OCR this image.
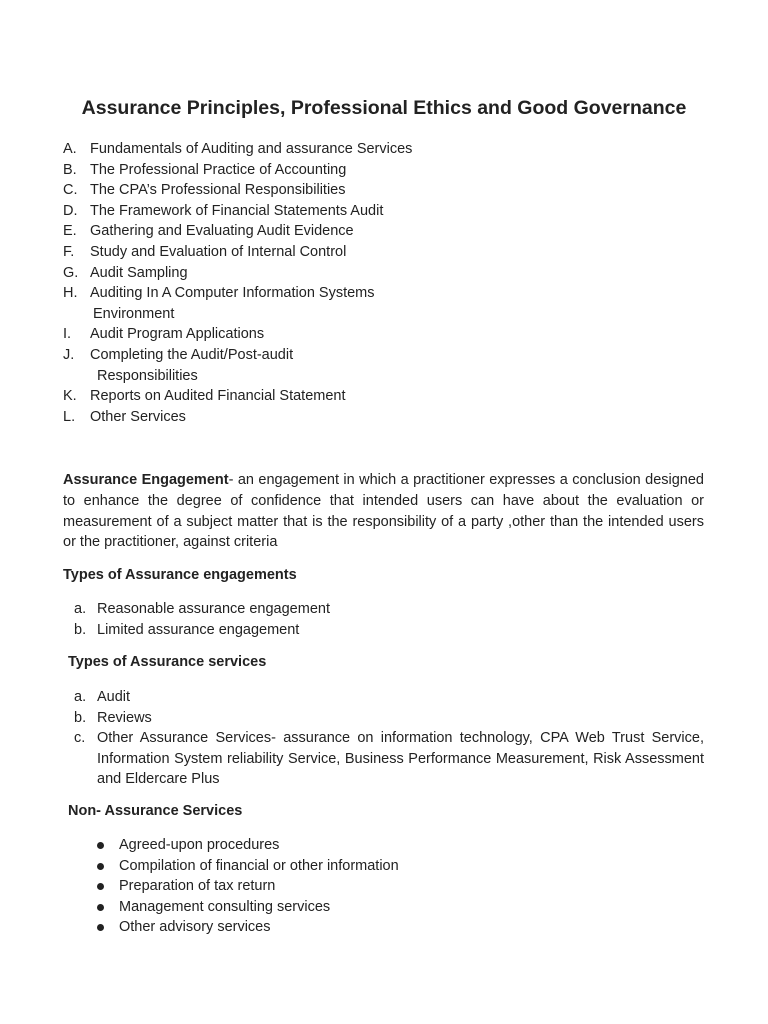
Assurance Principles, Professional Ethics and Good Governance
A. Fundamentals of Auditing and assurance Services
B. The Professional Practice of Accounting
C. The CPA’s Professional Responsibilities
D. The Framework of Financial Statements Audit
E. Gathering and Evaluating Audit Evidence
F. Study and Evaluation of Internal Control
G. Audit Sampling
H. Auditing In A Computer Information Systems
Environment
I. Audit Program Applications
J. Completing the Audit/Post-audit
Responsibilities
K. Reports on Audited Financial Statement
L. Other Services

Assurance Engagement- an engagement in which a practitioner expresses a conclusion designed to enhance the degree of confidence that intended users can have about the evaluation or measurement of a subject matter that is the responsibility of a party ,other than the intended users or the practitioner, against criteria

Types of Assurance engagements
a. Reasonable assurance engagement
b. Limited assurance engagement
Types of Assurance services
a. Audit
b. Reviews
c. Other Assurance Services- assurance on information technology, CPA Web Trust Service, Information System reliability Service, Business Performance Measurement, Risk Assessment and Eldercare Plus
Non- Assurance Services
Agreed-upon procedures
Compilation of financial or other information
Preparation of tax return
Management consulting services
Other advisory services
